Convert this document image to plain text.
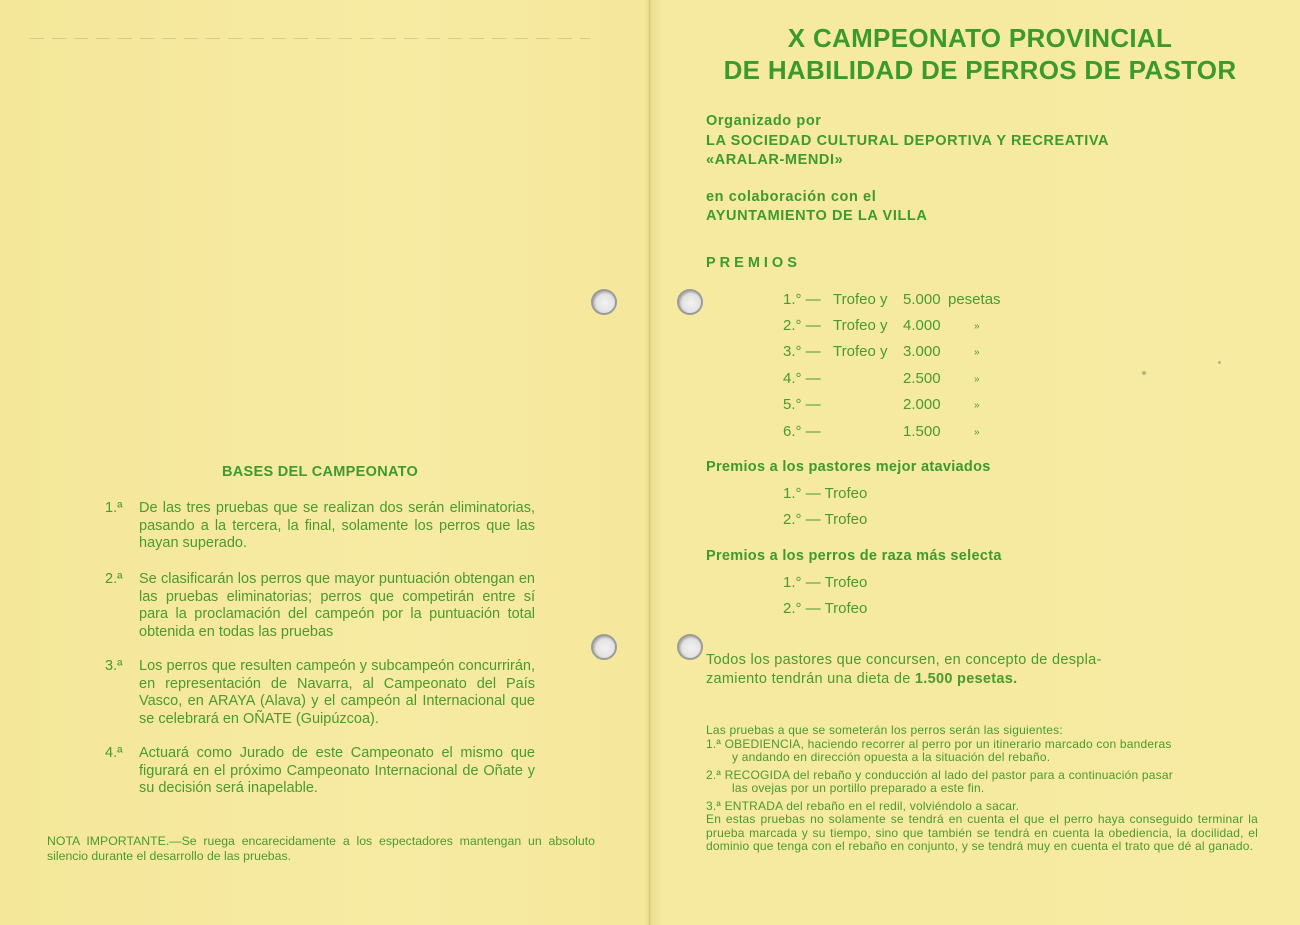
X CAMPEONATO PROVINCIAL
DE HABILIDAD DE PERROS DE PASTOR
Organizado por
LA SOCIEDAD CULTURAL DEPORTIVA Y RECREATIVA
«ARALAR-MENDI»
en colaboración con el
AYUNTAMIENTO DE LA VILLA
PREMIOS
1.° — Trofeo y 5.000 pesetas
2.° — Trofeo y 4.000	»
3.° — Trofeo y 3.000	»
4.° —	2.500	»
5.° —	2.000	»
6.° —	1.500	»
Premios a los pastores mejor ataviados
1.° — Trofeo
2.° — Trofeo
Premios a los perros de raza más selecta
1.° — Trofeo
2.° — Trofeo
Todos los pastores que concursen, en concepto de despla-
zamiento tendrán una dieta de 1.500 pesetas.
Las pruebas a que se someterán los perros serán las siguientes:
1.ª OBEDIENCIA, haciendo recorrer al perro por un itinerario marcado con banderas
y andando en dirección opuesta a la situación del rebaño.
2.ª RECOGIDA del rebaño y conducción al lado del pastor para a continuación pasar
las ovejas por un portillo preparado a este fin.
3.ª ENTRADA del rebaño en el redil, volviéndolo a sacar.
En estas pruebas no solamente se tendrá en cuenta el que el perro haya conseguido terminar la prueba marcada y su tiempo, sino que también se tendrá en cuenta la obediencia, la docilidad, el dominio que tenga con el rebaño en conjunto, y se tendrá muy en cuenta el trato que dé al ganado.
BASES DEL CAMPEONATO
1.ª	De las tres pruebas que se realizan dos serán eliminatorias, pasando a la tercera, la final, solamente los perros que las hayan superado.
2.ª	Se clasificarán los perros que mayor puntuación obtengan en las pruebas eliminatorias; perros que competirán entre sí para la proclamación del campeón por la puntuación total obtenida en todas las pruebas
3.ª	Los perros que resulten campeón y subcampeón concurrirán, en representación de Navarra, al Campeonato del País Vasco, en ARAYA (Alava) y el campeón al Internacional que se celebrará en OÑATE (Guipúzcoa).
4.ª	Actuará como Jurado de este Campeonato el mismo que figurará en el próximo Campeonato Internacional de Oñate y su decisión será inapelable.
NOTA IMPORTANTE.—Se ruega encarecidamente a los espectadores mantengan un absoluto silencio durante el desarrollo de las pruebas.
